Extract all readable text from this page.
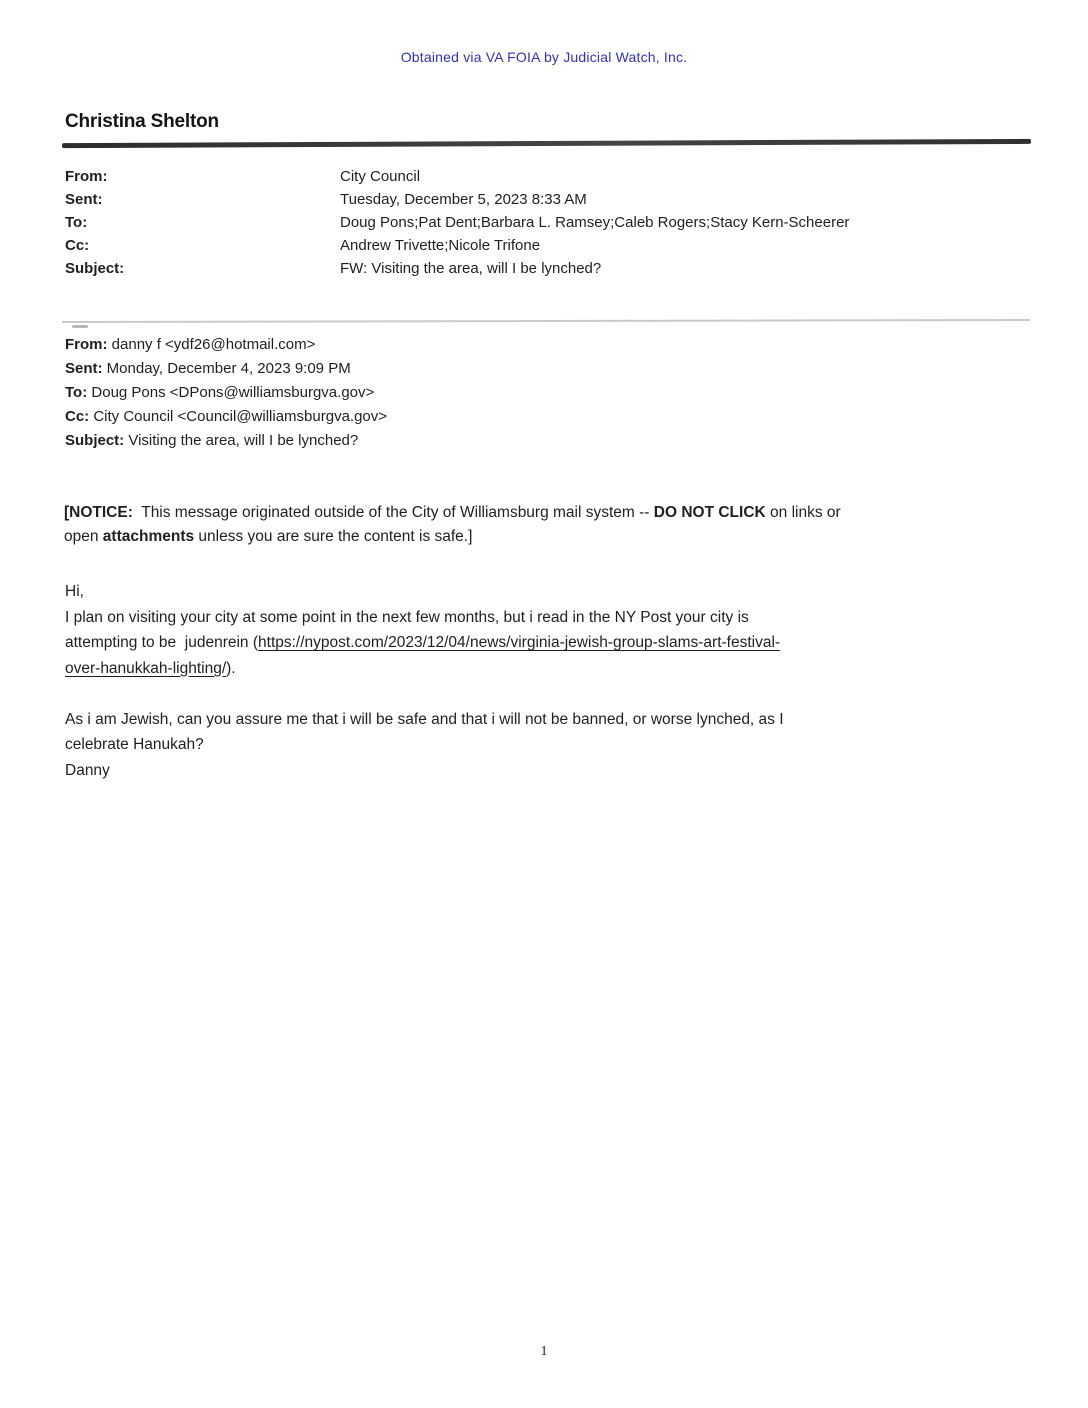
Obtained via VA FOIA by Judicial Watch, Inc.
Christina Shelton
From:	City Council
Sent:	Tuesday, December 5, 2023 8:33 AM
To:	Doug Pons;Pat Dent;Barbara L. Ramsey;Caleb Rogers;Stacy Kern-Scheerer
Cc:	Andrew Trivette;Nicole Trifone
Subject:	FW: Visiting the area, will I be lynched?
From: danny f <ydf26@hotmail.com>
Sent: Monday, December 4, 2023 9:09 PM
To: Doug Pons <DPons@williamsburgva.gov>
Cc: City Council <Council@williamsburgva.gov>
Subject: Visiting the area, will I be lynched?
[NOTICE:  This message originated outside of the City of Williamsburg mail system -- DO NOT CLICK on links or
open attachments unless you are sure the content is safe.]
Hi,
I plan on visiting your city at some point in the next few months, but i read in the NY Post your city is
attempting to be  judenrein (https://nypost.com/2023/12/04/news/virginia-jewish-group-slams-art-festival-
over-hanukkah-lighting/).

As i am Jewish, can you assure me that i will be safe and that i will not be banned, or worse lynched, as I
celebrate Hanukah?
Danny
1
